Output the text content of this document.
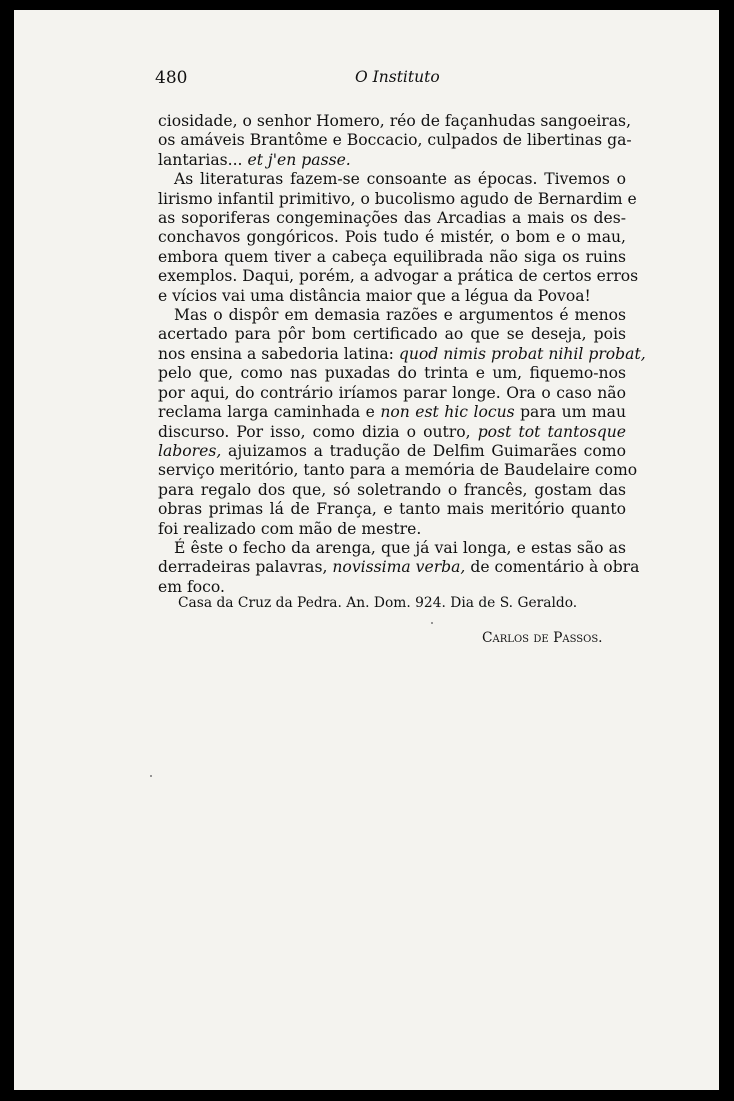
480	O Instituto

ciosidade, o senhor Homero, réo de façanhudas sangoeiras,
os amáveis Brantôme e Boccacio, culpados de libertinas ga-
lantarias... et j'en passe.

As literaturas fazem-se consoante as épocas. Tivemos o
lirismo infantil primitivo, o bucolismo agudo de Bernardim e
as soporiferas congeminações das Arcadias a mais os des-
conchavos gongóricos. Pois tudo é mistér, o bom e o mau,
embora quem tiver a cabeça equilibrada não siga os ruins
exemplos. Daqui, porém, a advogar a prática de certos erros
e vícios vai uma distância maior que a légua da Povoa!

Mas o dispôr em demasia razões e argumentos é menos
acertado para pôr bom certificado ao que se deseja, pois
nos ensina a sabedoria latina: quod nimis probat nihil probat,
pelo que, como nas puxadas do trinta e um, fiquemo-nos
por aqui, do contrário iríamos parar longe. Ora o caso não
reclama larga caminhada e non est hic locus para um mau
discurso. Por isso, como dizia o outro, post tot tantosque
labores, ajuizamos a tradução de Delfim Guimarães como
serviço meritório, tanto para a memória de Baudelaire como
para regalo dos que, só soletrando o francês, gostam das
obras primas lá de França, e tanto mais meritório quanto
foi realizado com mão de mestre.

É êste o fecho da arenga, que já vai longa, e estas são as
derradeiras palavras, novissima verba, de comentário à obra
em foco.

Casa da Cruz da Pedra. An. Dom. 924. Dia de S. Geraldo.
Carlos de Passos.
